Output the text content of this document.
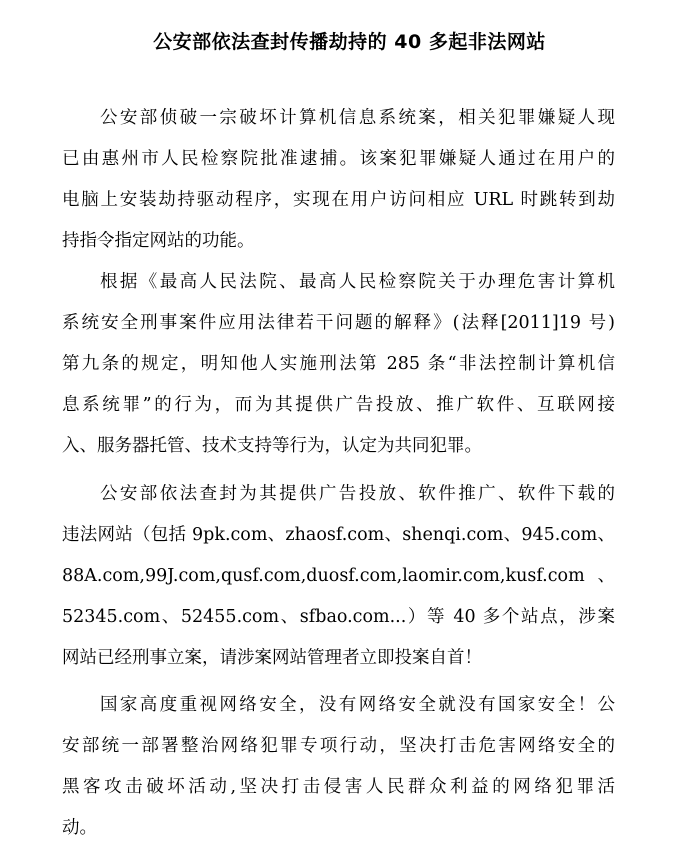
公安部依法查封传播劫持的 40 多起非法网站
公安部侦破一宗破坏计算机信息系统案，相关犯罪嫌疑人现
已由惠州市人民检察院批准逮捕。该案犯罪嫌疑人通过在用户的
电脑上安装劫持驱动程序，实现在用户访问相应 URL 时跳转到劫
持指令指定网站的功能。
根据《最高人民法院、最高人民检察院关于办理危害计算机
系统安全刑事案件应用法律若干问题的解释》(法释[2011]19 号)
第九条的规定，明知他人实施刑法第 285 条“非法控制计算机信
息系统罪”的行为，而为其提供广告投放、推广软件、互联网接
入、服务器托管、技术支持等行为，认定为共同犯罪。
公安部依法查封为其提供广告投放、软件推广、软件下载的
违法网站（包括 9pk.com、zhaosf.com、shenqi.com、945.com、
88A.com,99J.com,qusf.com,duosf.com,laomir.com,kusf.com、
52345.com、52455.com、sfbao.com...）等 40 多个站点，涉案
网站已经刑事立案，请涉案网站管理者立即投案自首！
国家高度重视网络安全，没有网络安全就没有国家安全！公
安部统一部署整治网络犯罪专项行动，坚决打击危害网络安全的
黑客攻击破坏活动,坚决打击侵害人民群众利益的网络犯罪活
动。
